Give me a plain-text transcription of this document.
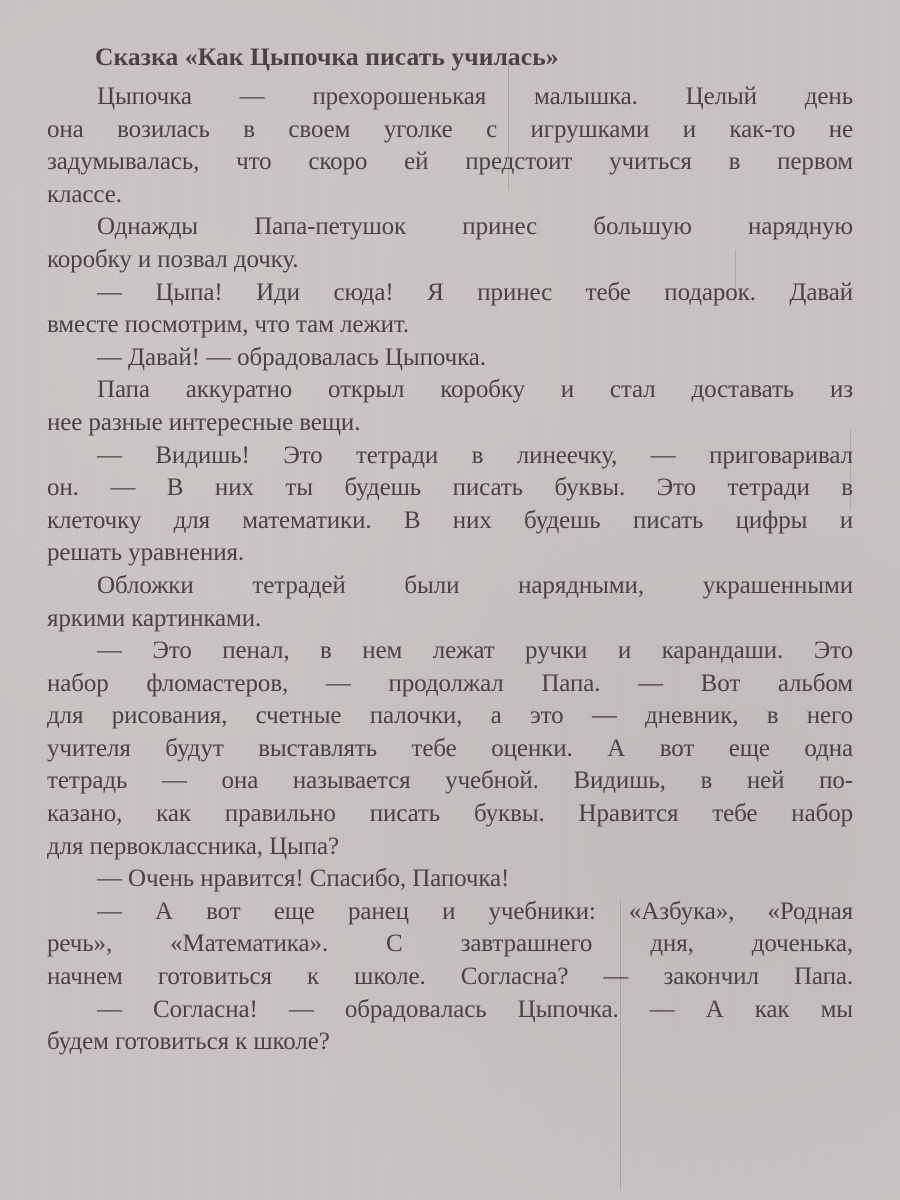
Сказка «Как Цыпочка писать училась»

Цыпочка — прехорошенькая малышка. Целый день
она возилась в своем уголке с игрушками и как-то не
задумывалась, что скоро ей предстоит учиться в первом
классе.

Однажды Папа-петушок принес большую нарядную
коробку и позвал дочку.

— Цыпа! Иди сюда! Я принес тебе подарок. Давай
вместе посмотрим, что там лежит.

— Давай! — обрадовалась Цыпочка.

Папа аккуратно открыл коробку и стал доставать из
нее разные интересные вещи.

— Видишь! Это тетради в линеечку, — приговаривал
он. — В них ты будешь писать буквы. Это тетради в
клеточку для математики. В них будешь писать цифры и
решать уравнения.

Обложки тетрадей были нарядными, украшенными
яркими картинками.

— Это пенал, в нем лежат ручки и карандаши. Это
набор фломастеров, — продолжал Папа. — Вот альбом
для рисования, счетные палочки, а это — дневник, в него
учителя будут выставлять тебе оценки. А вот еще одна
тетрадь — она называется учебной. Видишь, в ней по-
казано, как правильно писать буквы. Нравится тебе набор
для первоклассника, Цыпа?

— Очень нравится! Спасибо, Папочка!

— А вот еще ранец и учебники: «Азбука», «Родная
речь», «Математика». С завтрашнего дня, доченька,
начнем готовиться к школе. Согласна? — закончил Папа.

— Согласна! — обрадовалась Цыпочка. — А как мы
будем готовиться к школе?
